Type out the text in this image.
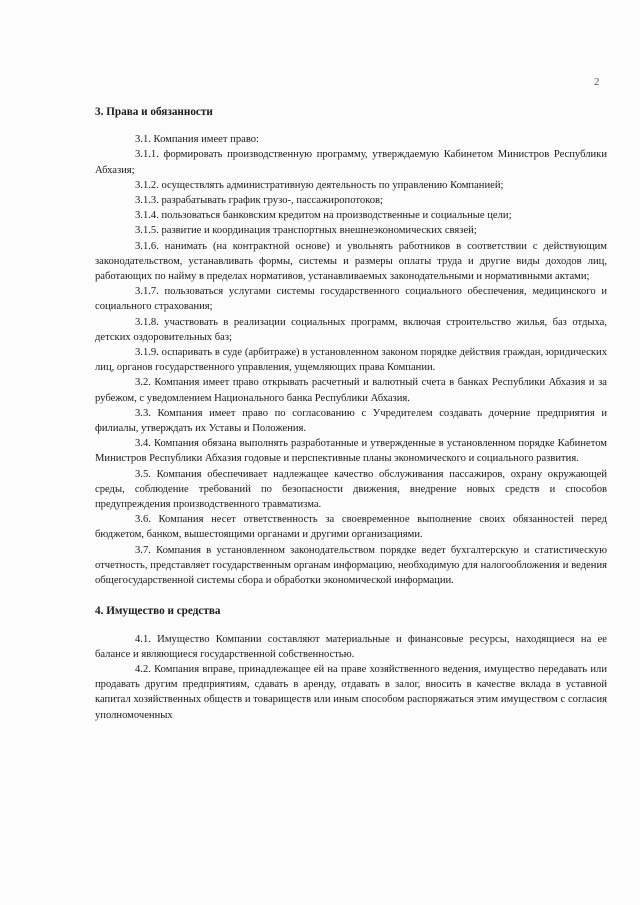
2
3. Права и обязанности

3.1. Компания имеет право:

3.1.1. формировать производственную программу, утверждаемую Кабинетом Министров Республики Абхазия;

3.1.2. осуществлять административную деятельность по управлению Компанией;

3.1.3. разрабатывать график грузо-, пассажиропотоков;

3.1.4. пользоваться банковским кредитом на производственные и социальные цели;

3.1.5. развитие и координация транспортных внешнеэкономических связей;

3.1.6. нанимать (на контрактной основе) и увольнять работников в соответствии с действующим законодательством, устанавливать формы, системы и размеры оплаты труда и другие виды доходов лиц, работающих по найму в пределах нормативов, устанавливаемых законодательными и нормативными актами;

3.1.7. пользоваться услугами системы государственного социального обеспечения, медицинского и социального страхования;

3.1.8. участвовать в реализации социальных программ, включая строительство жилья, баз отдыха, детских оздоровительных баз;

3.1.9. оспаривать в суде (арбитраже) в установленном законом порядке действия граждан, юридических лиц, органов государственного управления, ущемляющих права Компании.

3.2. Компания имеет право открывать расчетный и валютный счета в банках Республики Абхазия и за рубежом, с уведомлением Национального банка Республики Абхазия.

3.3. Компания имеет право по согласованию с Учредителем создавать дочерние предприятия и филиалы, утверждать их Уставы и Положения.

3.4. Компания обязана выполнять разработанные и утвержденные в установленном порядке Кабинетом Министров Республики Абхазия годовые и перспективные планы экономического и социального развития.

3.5. Компания обеспечивает надлежащее качество обслуживания пассажиров, охрану окружающей среды, соблюдение требований по безопасности движения, внедрение новых средств и способов предупреждения производственного травматизма.

3.6. Компания несет ответственность за своевременное выполнение своих обязанностей перед бюджетом, банком, вышестоящими органами и другими организациями.

3.7. Компания в установленном законодательством порядке ведет бухгалтерскую и статистическую отчетность, представляет государственным органам информацию, необходимую для налогообложения и ведения общегосударственной системы сбора и обработки экономической информации.

4. Имущество и средства

4.1. Имущество Компании составляют материальные и финансовые ресурсы, находящиеся на ее балансе и являющиеся государственной собственностью.

4.2. Компания вправе, принадлежащее ей на праве хозяйственного ведения, имущество передавать или продавать другим предприятиям, сдавать в аренду, отдавать в залог, вносить в качестве вклада в уставной капитал хозяйственных обществ и товариществ или иным способом распоряжаться этим имуществом с согласия уполномоченных
